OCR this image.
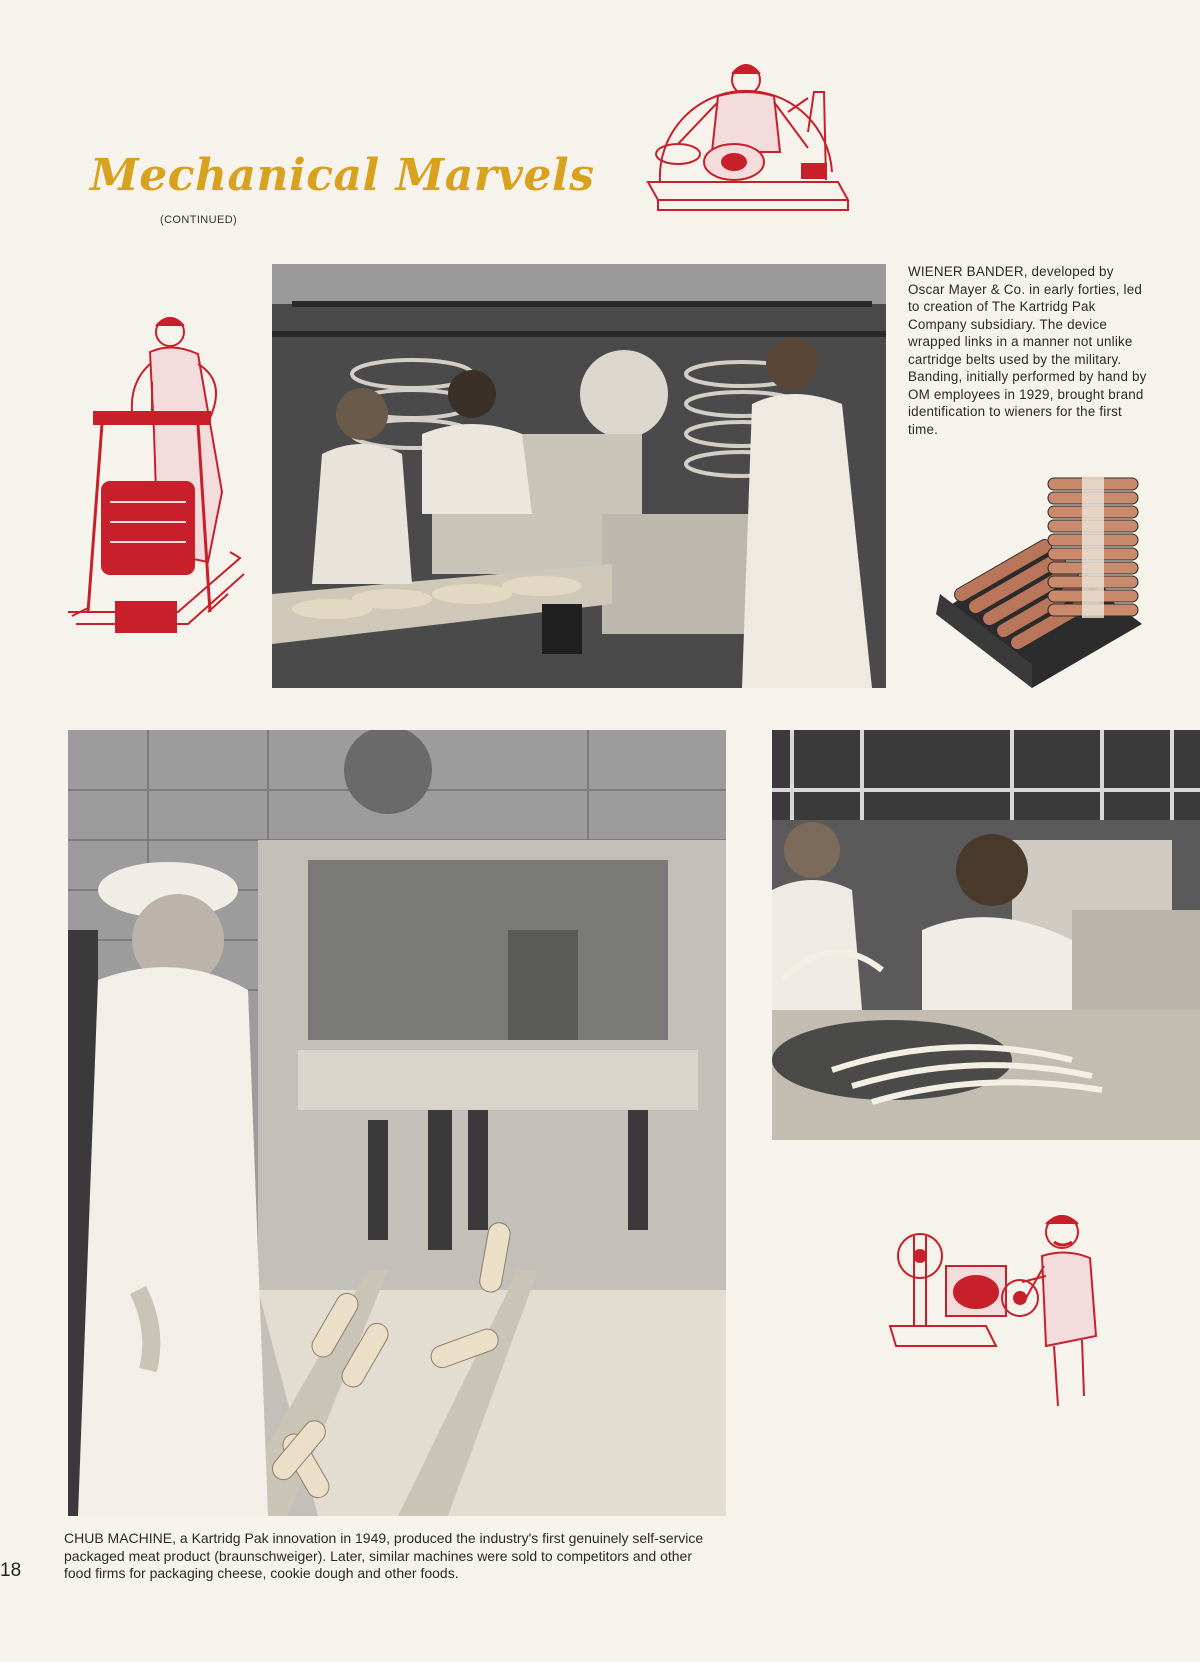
Mechanical Marvels
(CONTINUED)
WIENER BANDER, developed by Oscar Mayer & Co. in early forties, led to creation of The Kartridg Pak Company subsidiary. The device wrapped links in a manner not unlike cartridge belts used by the military. Banding, initially performed by hand by OM employees in 1929, brought brand identification to wieners for the first time.
CHUB MACHINE, a Kartridg Pak innovation in 1949, produced the industry's first genuinely self-service packaged meat product (braunschweiger). Later, similar machines were sold to competitors and other food firms for packaging cheese, cookie dough and other foods.
18
